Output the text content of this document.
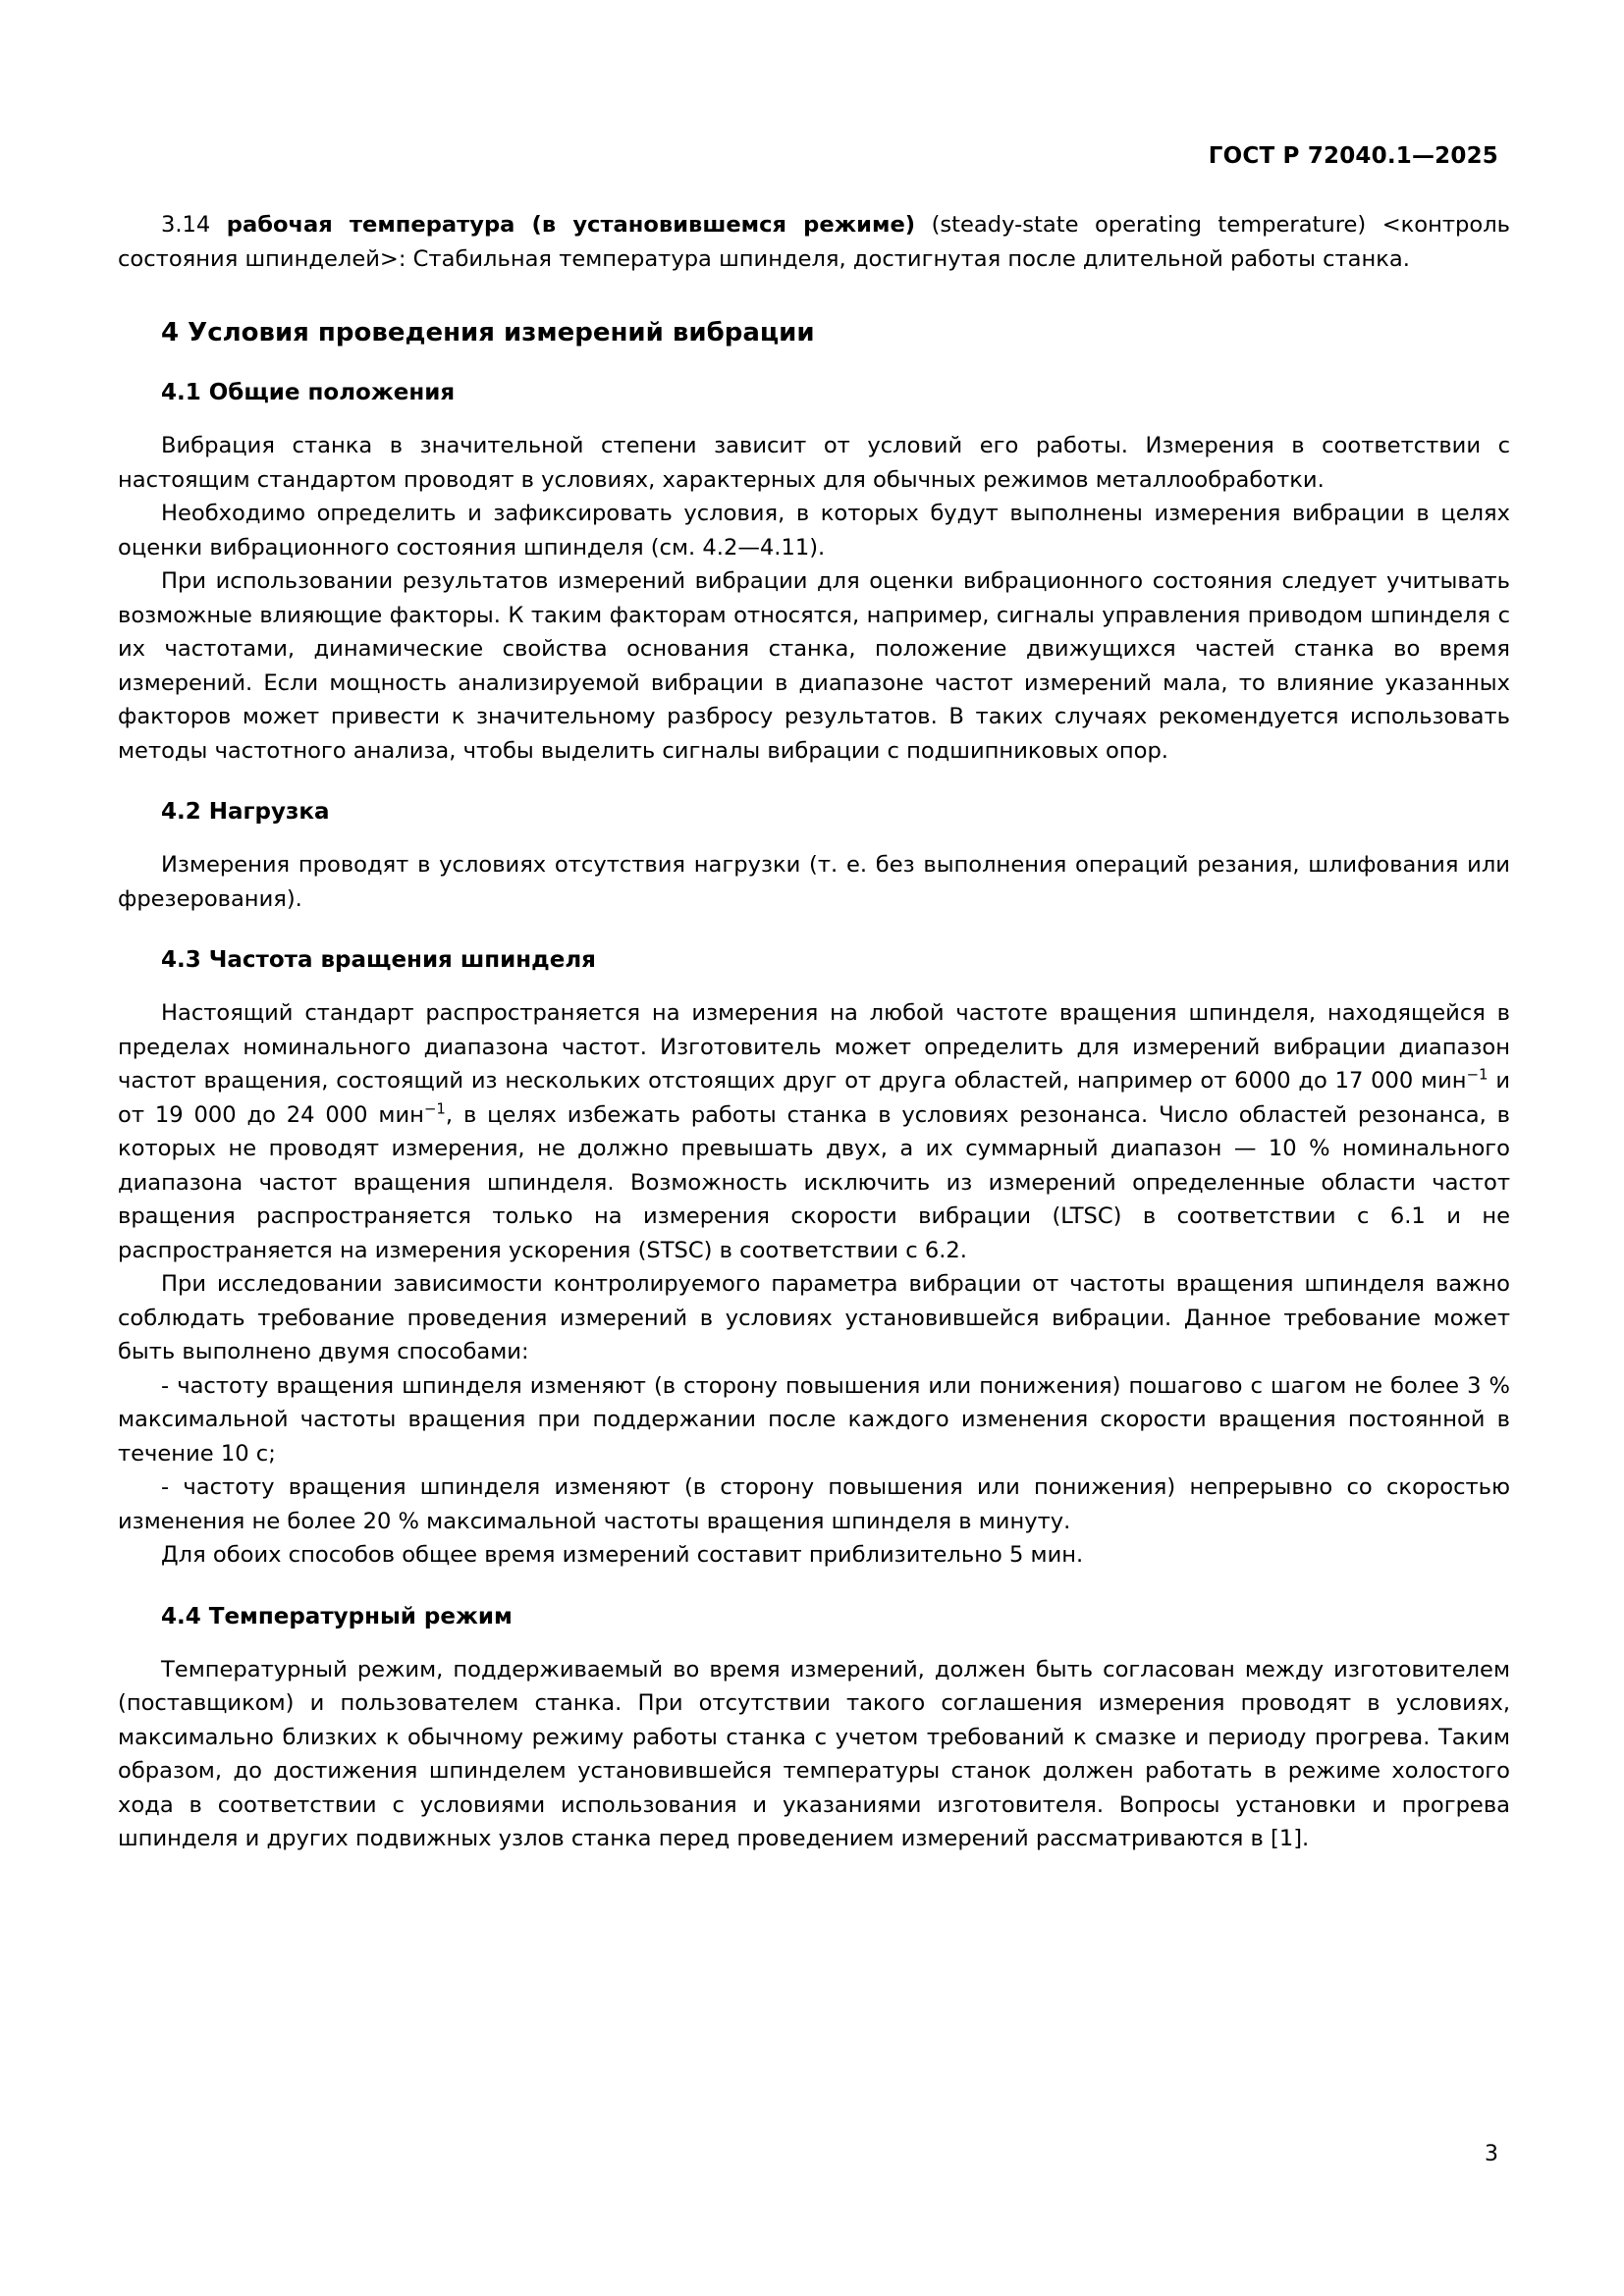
ГОСТ Р 72040.1—2025

3.14 рабочая температура (в установившемся режиме) (steady-state operating temperature) <контроль состояния шпинделей>: Стабильная температура шпинделя, достигнутая после длительной работы станка.

4 Условия проведения измерений вибрации
4.1 Общие положения

Вибрация станка в значительной степени зависит от условий его работы. Измерения в соответствии с настоящим стандартом проводят в условиях, характерных для обычных режимов металлообработки.

Необходимо определить и зафиксировать условия, в которых будут выполнены измерения вибрации в целях оценки вибрационного состояния шпинделя (см. 4.2—4.11).

При использовании результатов измерений вибрации для оценки вибрационного состояния следует учитывать возможные влияющие факторы. К таким факторам относятся, например, сигналы управления приводом шпинделя с их частотами, динамические свойства основания станка, положение движущихся частей станка во время измерений. Если мощность анализируемой вибрации в диапазоне частот измерений мала, то влияние указанных факторов может привести к значительному разбросу результатов. В таких случаях рекомендуется использовать методы частотного анализа, чтобы выделить сигналы вибрации с подшипниковых опор.

4.2 Нагрузка

Измерения проводят в условиях отсутствия нагрузки (т. е. без выполнения операций резания, шлифования или фрезерования).

4.3 Частота вращения шпинделя

Настоящий стандарт распространяется на измерения на любой частоте вращения шпинделя, находящейся в пределах номинального диапазона частот. Изготовитель может определить для измерений вибрации диапазон частот вращения, состоящий из нескольких отстоящих друг от друга областей, например от 6000 до 17 000 мин$^{-1}$ и от 19 000 до 24 000 мин$^{-1}$, в целях избежать работы станка в условиях резонанса. Число областей резонанса, в которых не проводят измерения, не должно превышать двух, а их суммарный диапазон — 10 % номинального диапазона частот вращения шпинделя. Возможность исключить из измерений определенные области частот вращения распространяется только на измерения скорости вибрации (LTSC) в соответствии с 6.1 и не распространяется на измерения ускорения (STSC) в соответствии с 6.2.

При исследовании зависимости контролируемого параметра вибрации от частоты вращения шпинделя важно соблюдать требование проведения измерений в условиях установившейся вибрации. Данное требование может быть выполнено двумя способами:

- частоту вращения шпинделя изменяют (в сторону повышения или понижения) пошагово с шагом не более 3 % максимальной частоты вращения при поддержании после каждого изменения скорости вращения постоянной в течение 10 с;

- частоту вращения шпинделя изменяют (в сторону повышения или понижения) непрерывно со скоростью изменения не более 20 % максимальной частоты вращения шпинделя в минуту.

Для обоих способов общее время измерений составит приблизительно 5 мин.

4.4 Температурный режим

Температурный режим, поддерживаемый во время измерений, должен быть согласован между изготовителем (поставщиком) и пользователем станка. При отсутствии такого соглашения измерения проводят в условиях, максимально близких к обычному режиму работы станка с учетом требований к смазке и периоду прогрева. Таким образом, до достижения шпинделем установившейся температуры станок должен работать в режиме холостого хода в соответствии с условиями использования и указаниями изготовителя. Вопросы установки и прогрева шпинделя и других подвижных узлов станка перед проведением измерений рассматриваются в [1].

3
